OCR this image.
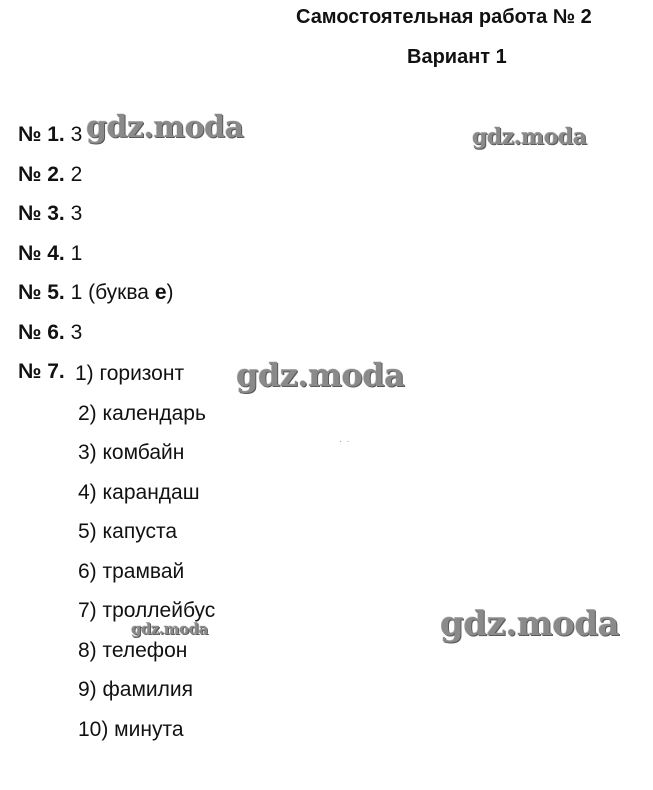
Самостоятельная работа № 2
Вариант 1
№ 1. 3
№ 2. 2
№ 3. 3
№ 4. 1
№ 5. 1 (буква е)
№ 6. 3
№ 7. 1) горизонт
2) календарь
3) комбайн
4) карандаш
5) капуста
6) трамвай
7) троллейбус
8) телефон
9) фамилия
10) минута
gdz.moda	gdz.moda
gdz.moda
gdz.moda
gdz.moda
··
